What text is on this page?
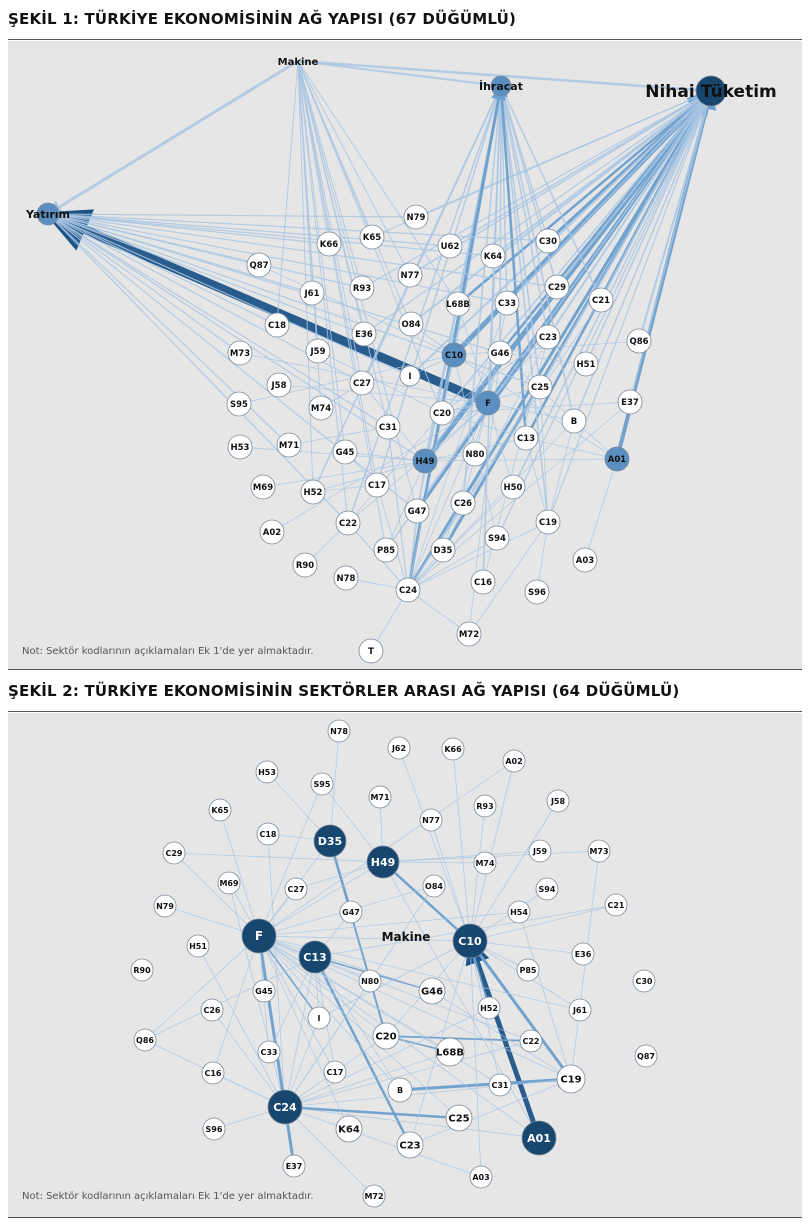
ŞEKİL 1: TÜRKİYE EKONOMİSİNİN AĞ YAPISI (67 DÜĞÜMLÜ)
Makine
İhracat	Nihai Tüketim
Yatırım	N79
K66
K65
U62
K64
C30
Q87
J61	R93
N77
C29
L68B	C33	C21
C18
E36
O84
C23	Q86
M73	J59	C10	G46
H51
I
C25
J58	C27
S95	M74	C20
F
B
E37
C31
C13
H53	M71
G45
H49
N80	A01
M69	H52
C17	H50
C26
A02
C22
G47
C19
P85	D35
S94
R90
N78
A03
C24
C16
S96
M72
T
Not: Sektör kodlarının açıklamaları Ek 1'de yer almaktadır.
ŞEKİL 2: TÜRKİYE EKONOMİSİNİN SEKTÖRLER ARASI AĞ YAPISI (64 DÜĞÜMLÜ)
N78
J62	K66
A02
H53
S95
M71
R93
J58
K65
C18
N77
C29
D35
H49
J59	M73
M69
C27	O84
M74
S94
N79
G47	H54
C21
F	Makine	C10
H51
C13	E36
R90
N80
P85
C30
G45	G46
C26
I
H52	J61
Q86
C33
C20
L68B
C22
C16	C17
C31	C19
Q87
B
C24
C25
S96	K64
C23
A01
E37
A03
M72
Not: Sektör kodlarının açıklamaları Ek 1'de yer almaktadır.
